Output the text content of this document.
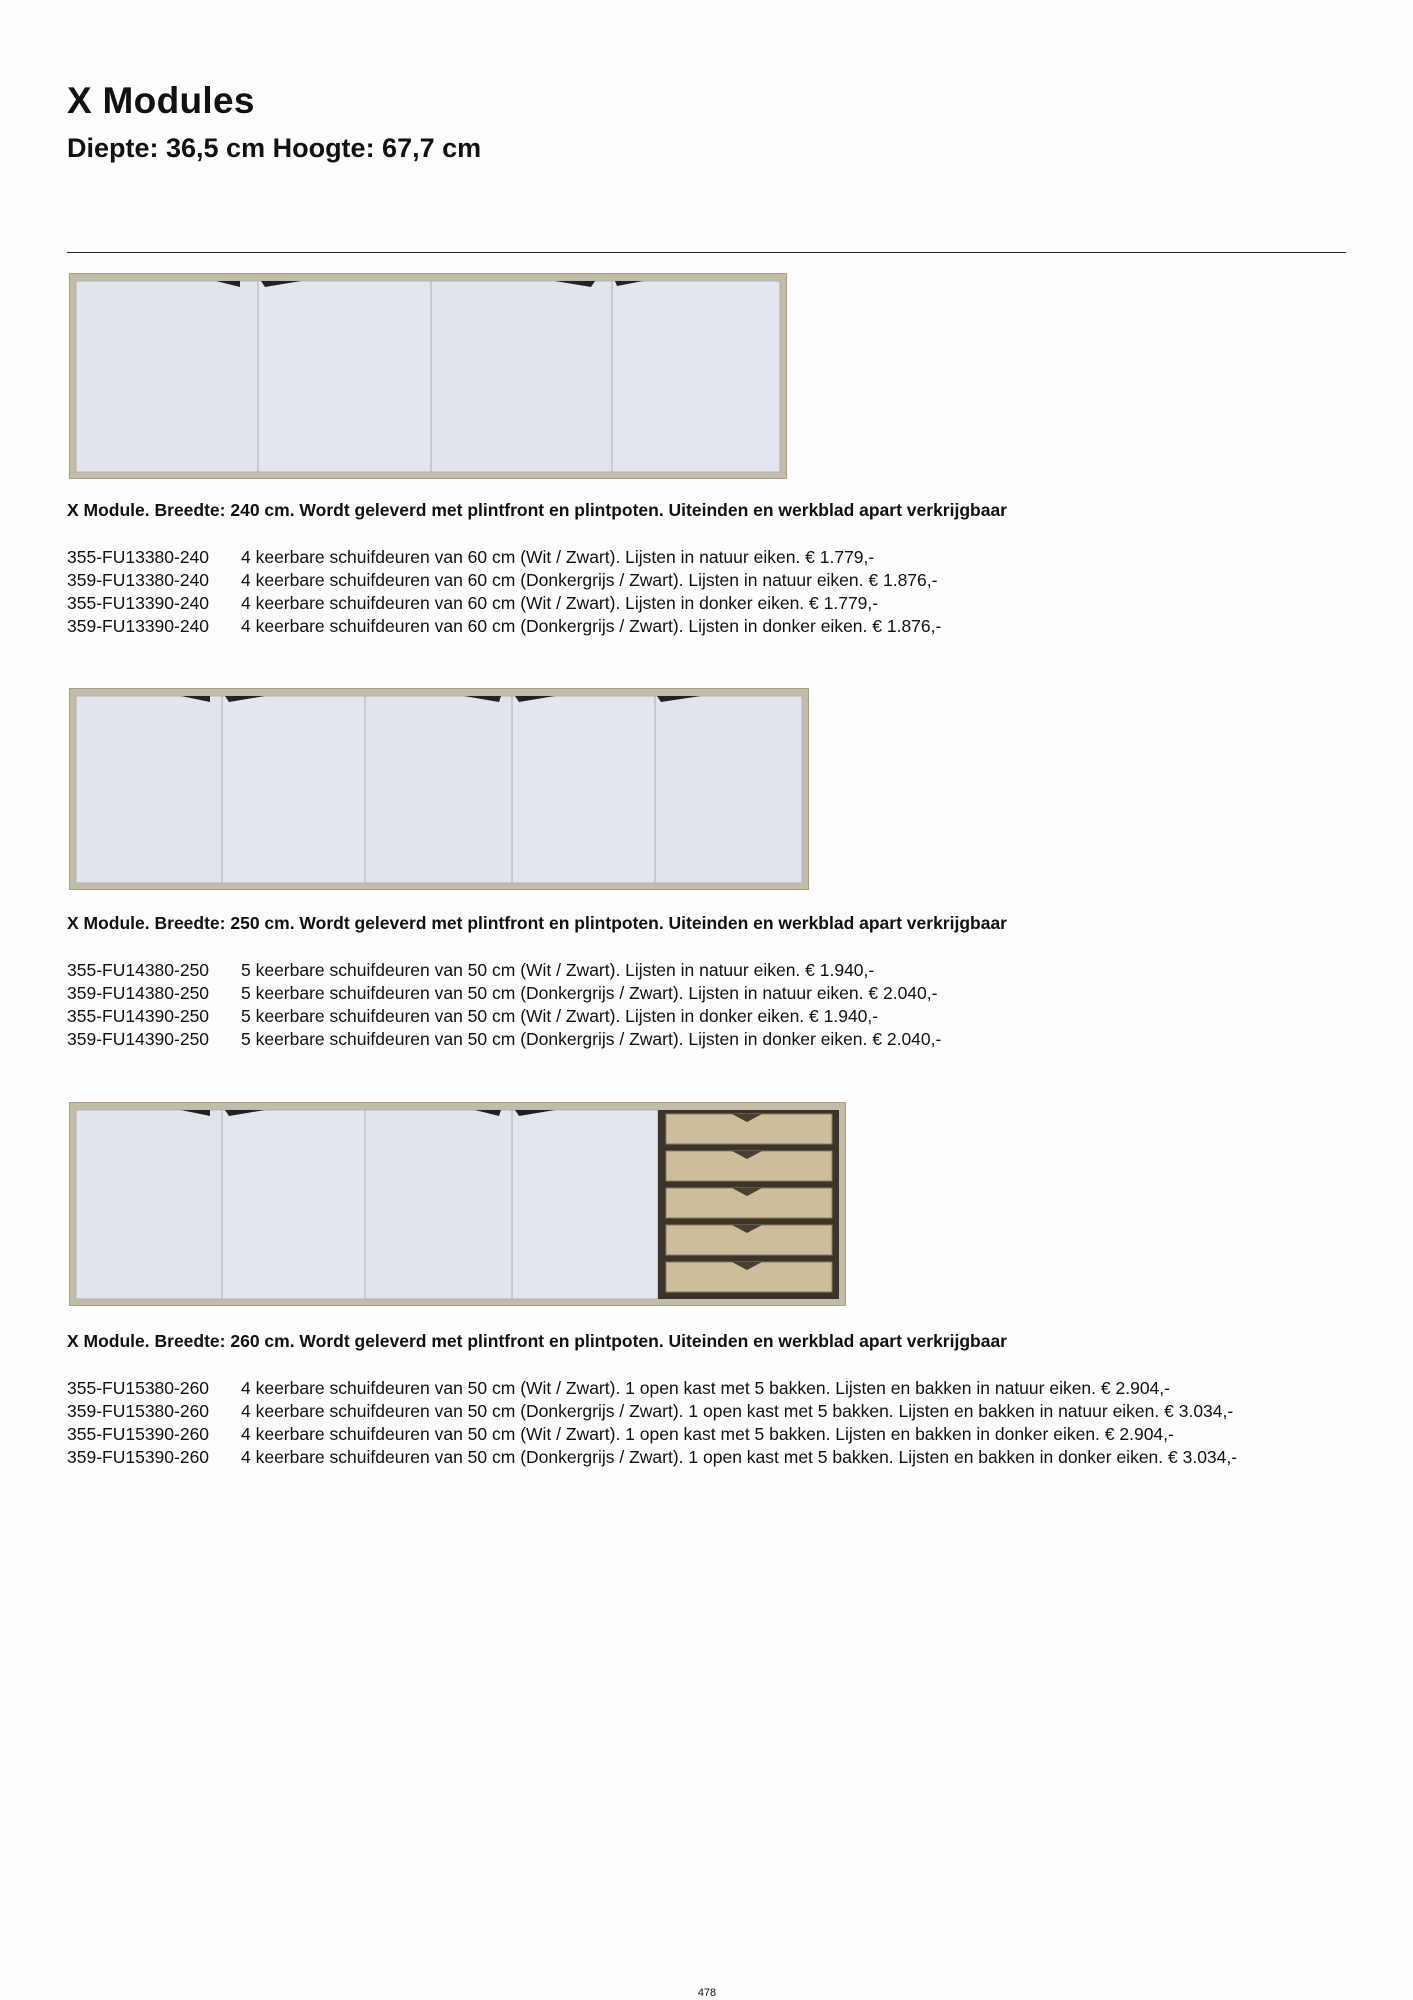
X Modules
Diepte: 36,5 cm Hoogte: 67,7 cm
X Module. Breedte: 240 cm. Wordt geleverd met plintfront en plintpoten. Uiteinden en werkblad apart verkrijgbaar
355-FU13380-240	4 keerbare schuifdeuren van 60 cm (Wit / Zwart). Lijsten in natuur eiken. € 1.779,-
359-FU13380-240	4 keerbare schuifdeuren van 60 cm (Donkergrijs / Zwart). Lijsten in natuur eiken. € 1.876,-
355-FU13390-240	4 keerbare schuifdeuren van 60 cm (Wit / Zwart). Lijsten in donker eiken. € 1.779,-
359-FU13390-240	4 keerbare schuifdeuren van 60 cm (Donkergrijs / Zwart). Lijsten in donker eiken. € 1.876,-
X Module. Breedte: 250 cm. Wordt geleverd met plintfront en plintpoten. Uiteinden en werkblad apart verkrijgbaar
355-FU14380-250	5 keerbare schuifdeuren van 50 cm (Wit / Zwart). Lijsten in natuur eiken. € 1.940,-
359-FU14380-250	5 keerbare schuifdeuren van 50 cm (Donkergrijs / Zwart). Lijsten in natuur eiken. € 2.040,-
355-FU14390-250	5 keerbare schuifdeuren van 50 cm (Wit / Zwart). Lijsten in donker eiken. € 1.940,-
359-FU14390-250	5 keerbare schuifdeuren van 50 cm (Donkergrijs / Zwart). Lijsten in donker eiken. € 2.040,-
X Module. Breedte: 260 cm. Wordt geleverd met plintfront en plintpoten. Uiteinden en werkblad apart verkrijgbaar
355-FU15380-260	4 keerbare schuifdeuren van 50 cm (Wit / Zwart). 1 open kast met 5 bakken. Lijsten en bakken in natuur eiken. € 2.904,-
359-FU15380-260	4 keerbare schuifdeuren van 50 cm (Donkergrijs / Zwart). 1 open kast met 5 bakken. Lijsten en bakken in natuur eiken. € 3.034,-
355-FU15390-260	4 keerbare schuifdeuren van 50 cm (Wit / Zwart). 1 open kast met 5 bakken. Lijsten en bakken in donker eiken. € 2.904,-
359-FU15390-260	4 keerbare schuifdeuren van 50 cm (Donkergrijs / Zwart). 1 open kast met 5 bakken. Lijsten en bakken in donker eiken. € 3.034,-
478
